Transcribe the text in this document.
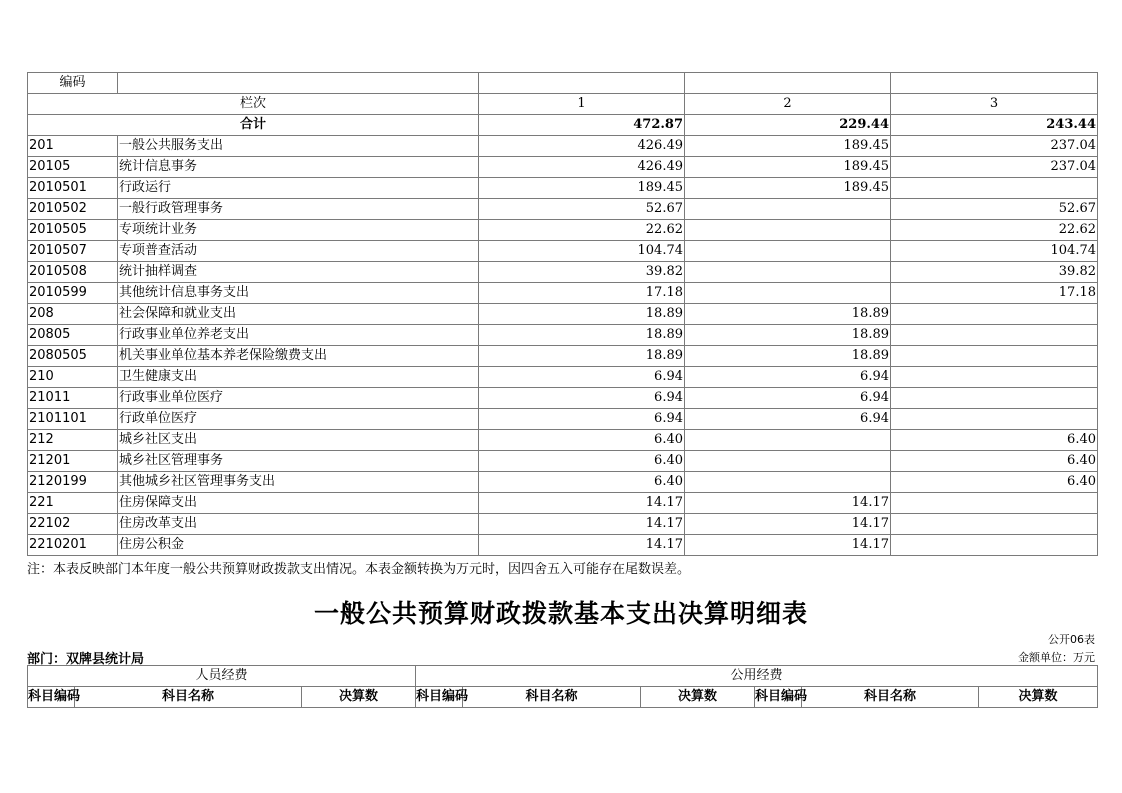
编码				
栏次		1	2	3
合计		472.87	229.44	243.44
201	一般公共服务支出	426.49	189.45	237.04
20105	统计信息事务	426.49	189.45	237.04
2010501	行政运行	189.45	189.45	
2010502	一般行政管理事务	52.67		52.67
2010505	专项统计业务	22.62		22.62
2010507	专项普查活动	104.74		104.74
2010508	统计抽样调查	39.82		39.82
2010599	其他统计信息事务支出	17.18		17.18
208	社会保障和就业支出	18.89	18.89	
20805	行政事业单位养老支出	18.89	18.89	
2080505	机关事业单位基本养老保险缴费支出	18.89	18.89	
210	卫生健康支出	6.94	6.94	
21011	行政事业单位医疗	6.94	6.94	
2101101	行政单位医疗	6.94	6.94	
212	城乡社区支出	6.40		6.40
21201	城乡社区管理事务	6.40		6.40
2120199	其他城乡社区管理事务支出	6.40		6.40
221	住房保障支出	14.17	14.17	
22102	住房改革支出	14.17	14.17	
2210201	住房公积金	14.17	14.17	
注：本表反映部门本年度一般公共预算财政拨款支出情况。本表金额转换为万元时，因四舍五入可能存在尾数误差。
一般公共预算财政拨款基本支出决算明细表
公开06表
部门：双牌县统计局	金额单位：万元
人员经费			公用经费					
科目编码	科目名称	决算数	科目编码	科目名称	决算数	科目编码	科目名称	决算数
